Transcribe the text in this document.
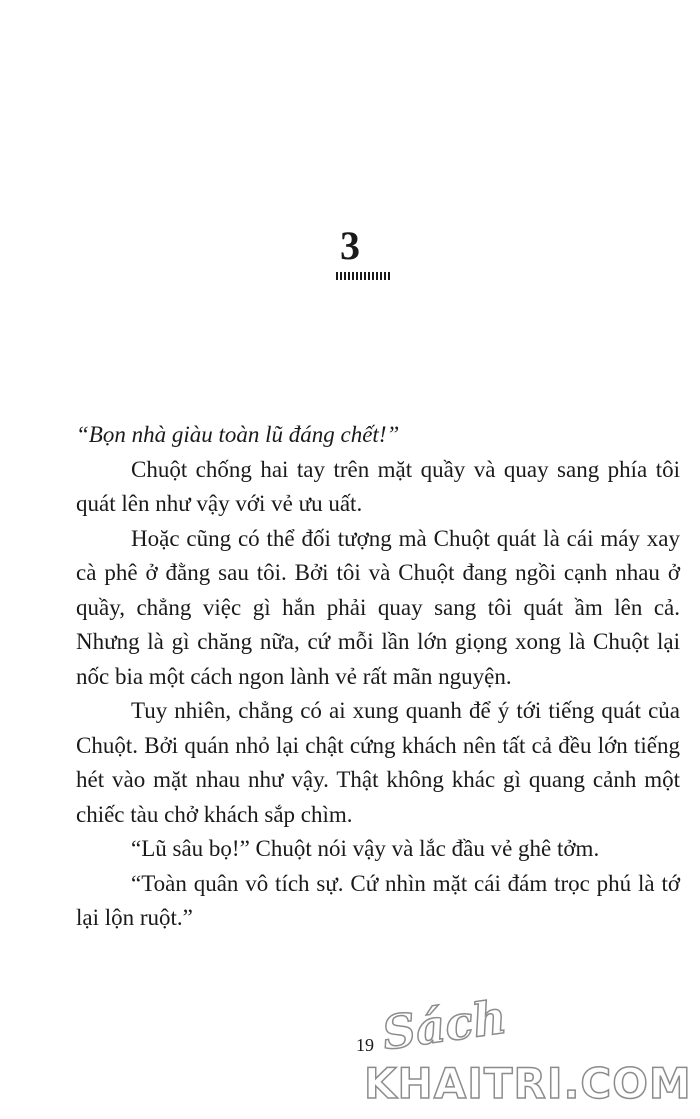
3

“Bọn nhà giàu toàn lũ đáng chết!”

Chuột chống hai tay trên mặt quầy và quay sang phía tôi quát lên như vậy với vẻ ưu uất.

Hoặc cũng có thể đối tượng mà Chuột quát là cái máy xay cà phê ở đằng sau tôi. Bởi tôi và Chuột đang ngồi cạnh nhau ở quầy, chẳng việc gì hắn phải quay sang tôi quát ầm lên cả. Nhưng là gì chăng nữa, cứ mỗi lần lớn giọng xong là Chuột lại nốc bia một cách ngon lành vẻ rất mãn nguyện.

Tuy nhiên, chẳng có ai xung quanh để ý tới tiếng quát của Chuột. Bởi quán nhỏ lại chật cứng khách nên tất cả đều lớn tiếng hét vào mặt nhau như vậy. Thật không khác gì quang cảnh một chiếc tàu chở khách sắp chìm.

“Lũ sâu bọ!” Chuột nói vậy và lắc đầu vẻ ghê tởm.

“Toàn quân vô tích sự. Cứ nhìn mặt cái đám trọc phú là tớ lại lộn ruột.”

19 Sách
KHAITRI.COM
